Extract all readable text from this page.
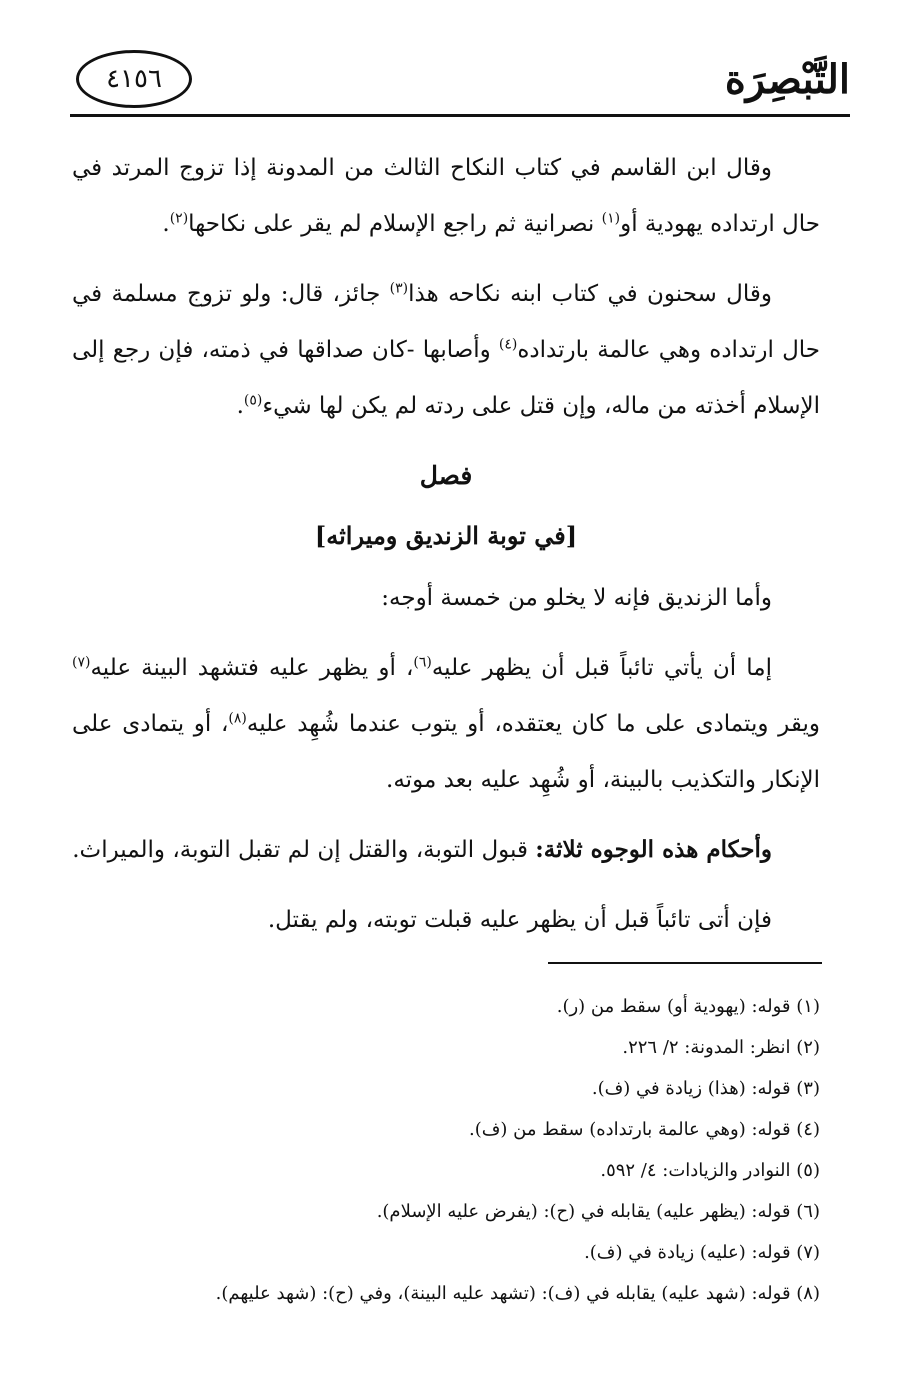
التَّبْصِرَة
٤١٥٦

وقال ابن القاسم في كتاب النكاح الثالث من المدونة إذا تزوج المرتد في حال ارتداده يهودية أو$^{(١)}$ نصرانية ثم راجع الإسلام لم يقر على نكاحها$^{(٢)}$.

وقال سحنون في كتاب ابنه نكاحه هذا$^{(٣)}$ جائز، قال: ولو تزوج مسلمة في حال ارتداده وهي عالمة بارتداده$^{(٤)}$ وأصابها -كان صداقها في ذمته، فإن رجع إلى الإسلام أخذته من ماله، وإن قتل على ردته لم يكن لها شيء$^{(٥)}$.

فصل

[في توبة الزنديق وميراثه]

وأما الزنديق فإنه لا يخلو من خمسة أوجه:

إما أن يأتي تائباً قبل أن يظهر عليه$^{(٦)}$، أو يظهر عليه فتشهد البينة عليه$^{(٧)}$ ويقر ويتمادى على ما كان يعتقده، أو يتوب عندما شُهِد عليه$^{(٨)}$، أو يتمادى على الإنكار والتكذيب بالبينة، أو شُهِد عليه بعد موته.

وأحكام هذه الوجوه ثلاثة: قبول التوبة، والقتل إن لم تقبل التوبة، والميراث.

فإن أتى تائباً قبل أن يظهر عليه قبلت توبته، ولم يقتل.

(١) قوله: (يهودية أو) سقط من (ر).
(٢) انظر: المدونة: ٢/ ٢٢٦.
(٣) قوله: (هذا) زيادة في (ف).
(٤) قوله: (وهي عالمة بارتداده) سقط من (ف).
(٥) النوادر والزيادات: ٤/ ٥٩٢.
(٦) قوله: (يظهر عليه) يقابله في (ح): (يفرض عليه الإسلام).
(٧) قوله: (عليه) زيادة في (ف).
(٨) قوله: (شهد عليه) يقابله في (ف): (تشهد عليه البينة)، وفي (ح): (شهد عليهم).
